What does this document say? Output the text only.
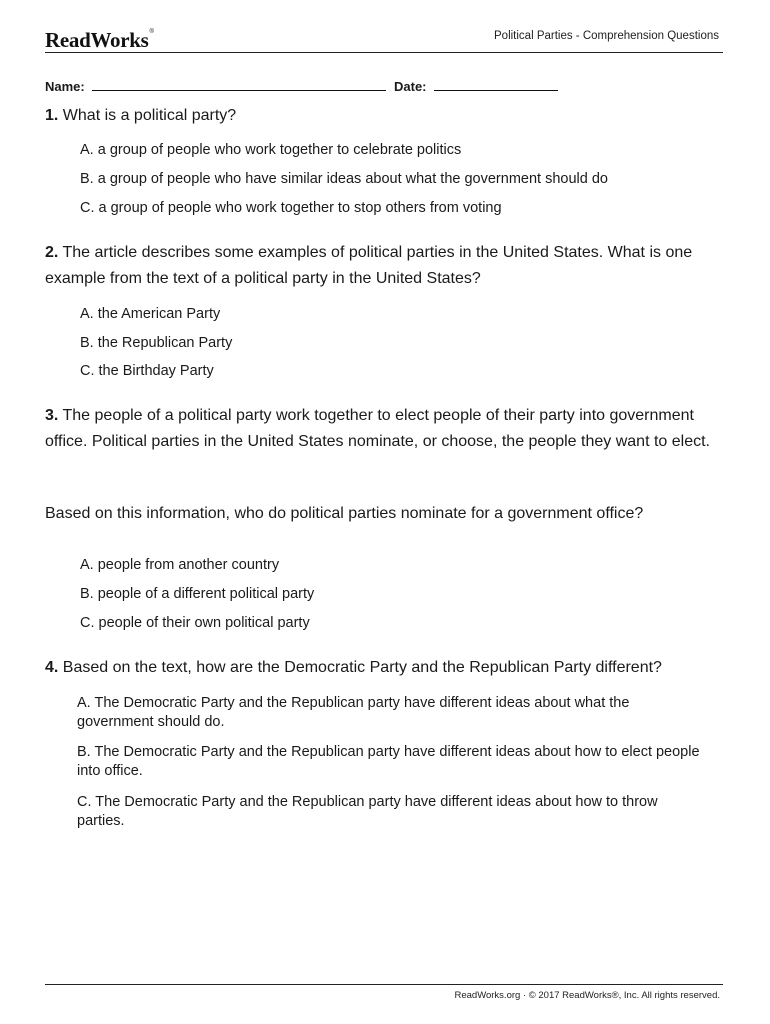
ReadWorks®	Political Parties - Comprehension Questions
Name:	Date:
1. What is a political party?
A. a group of people who work together to celebrate politics
B. a group of people who have similar ideas about what the government should do
C. a group of people who work together to stop others from voting
2. The article describes some examples of political parties in the United States. What is one example from the text of a political party in the United States?
A. the American Party
B. the Republican Party
C. the Birthday Party
3. The people of a political party work together to elect people of their party into government office. Political parties in the United States nominate, or choose, the people they want to elect.
Based on this information, who do political parties nominate for a government office?
A. people from another country
B. people of a different political party
C. people of their own political party
4. Based on the text, how are the Democratic Party and the Republican Party different?
A. The Democratic Party and the Republican party have different ideas about what the government should do.
B. The Democratic Party and the Republican party have different ideas about how to elect people into office.
C. The Democratic Party and the Republican party have different ideas about how to throw parties.
ReadWorks.org · © 2017 ReadWorks®, Inc. All rights reserved.
